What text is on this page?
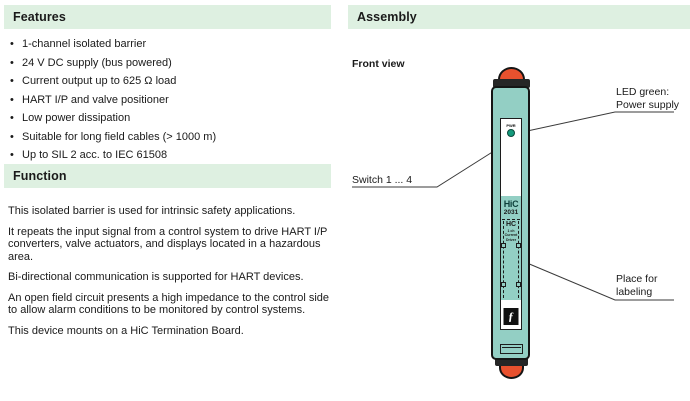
Features
• 1-channel isolated barrier
• 24 V DC supply (bus powered)
• Current output up to 625 Ω load
• HART I/P and valve positioner
• Low power dissipation
• Suitable for long field cables (> 1000 m)
• Up to SIL 2 acc. to IEC 61508
Function

This isolated barrier is used for intrinsic safety applications.

It repeats the input signal from a control system to drive HART I/P converters, valve actuators, and displays located in a hazardous area.

Bi-directional communication is supported for HART devices.

An open field circuit presents a high impedance to the control side to allow alarm conditions to be monitored by control systems.

This device mounts on a HiC Termination Board.

Assembly
Front view
LED green:
Power supply
Switch 1 ... 4
Place for
labeling
PWR
HiC
2031
HC
1 ch
Current
Driver
ƒ
